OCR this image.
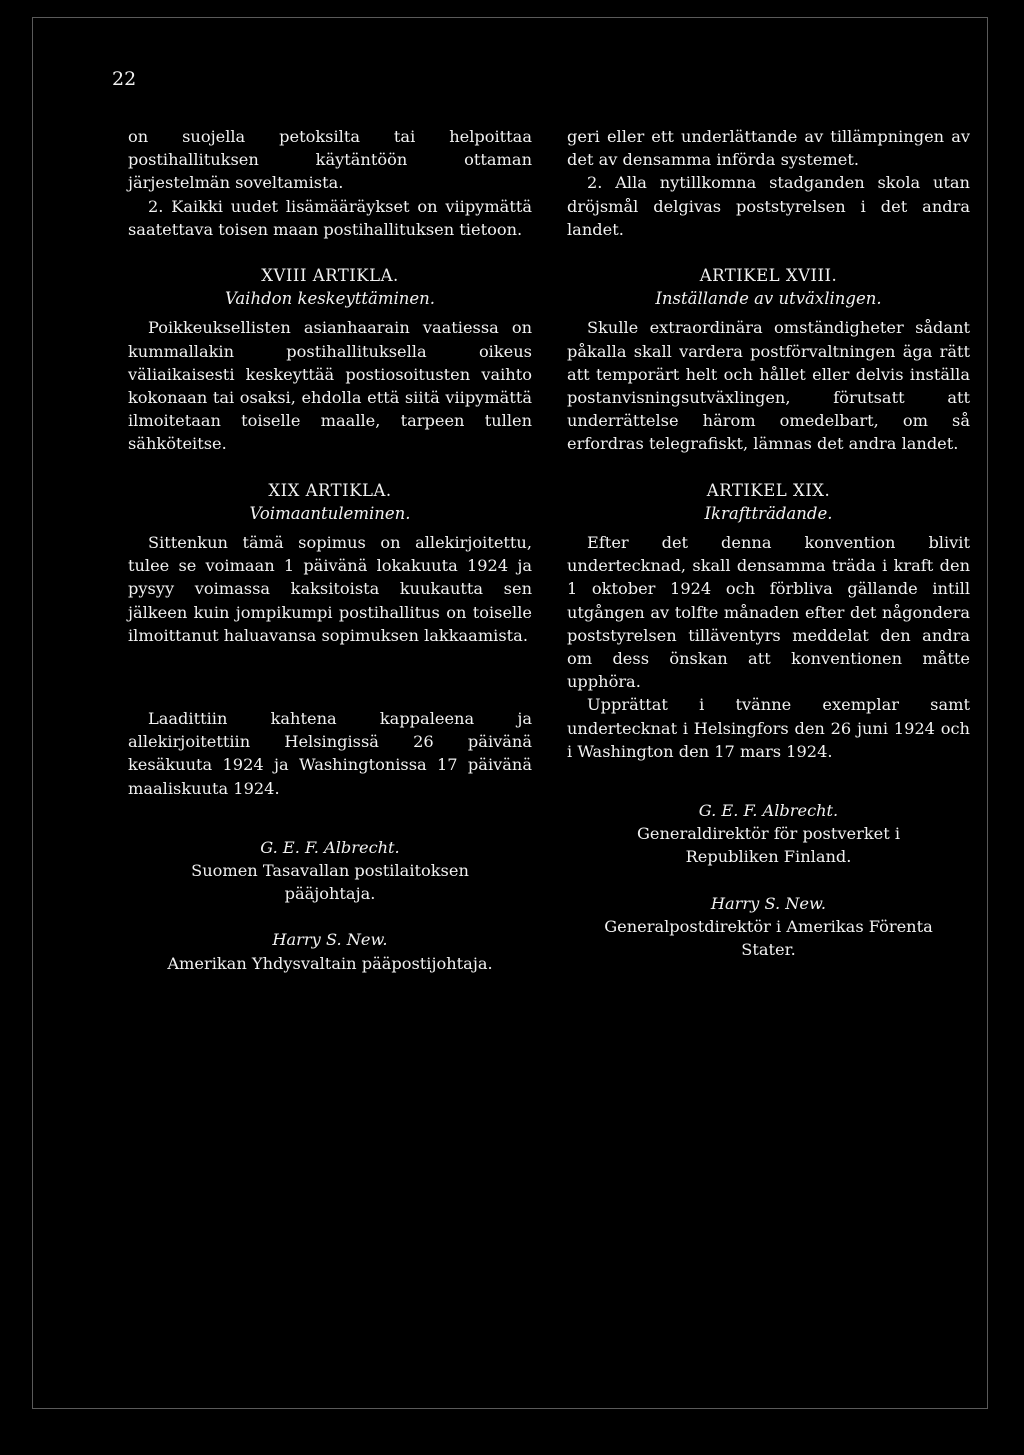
22

on suojella petoksilta tai helpoittaa postihallituksen käytäntöön ottaman järjestelmän soveltamista.

2. Kaikki uudet lisämääräykset on viipymättä saatettava toisen maan postihallituksen tietoon.

XVIII ARTIKLA.

Vaihdon keskeyttäminen.

Poikkeuksellisten asianhaarain vaatiessa on kummallakin postihallituksella oikeus väliaikaisesti keskeyttää postiosoitusten vaihto kokonaan tai osaksi, ehdolla että siitä viipymättä ilmoitetaan toiselle maalle, tarpeen tullen sähköteitse.

XIX ARTIKLA.

Voimaantuleminen.

Sittenkun tämä sopimus on allekirjoitettu, tulee se voimaan 1 päivänä lokakuuta 1924 ja pysyy voimassa kaksitoista kuukautta sen jälkeen kuin jompikumpi postihallitus on toiselle ilmoittanut haluavansa sopimuksen lakkaamista.

Laadittiin kahtena kappaleena ja allekirjoitettiin Helsingissä 26 päivänä kesäkuuta 1924 ja Washingtonissa 17 päivänä maaliskuuta 1924.

G. E. F. Albrecht.

Suomen Tasavallan postilaitoksen pääjohtaja.

Harry S. New.

Amerikan Yhdysvaltain pääpostijohtaja.

geri eller ett underlättande av tillämpningen av det av densamma införda systemet.

2. Alla nytillkomna stadganden skola utan dröjsmål delgivas poststyrelsen i det andra landet.

ARTIKEL XVIII.

Inställande av utväxlingen.

Skulle extraordinära omständigheter sådant påkalla skall vardera postförvaltningen äga rätt att temporärt helt och hållet eller delvis inställa postanvisningsutväxlingen, förutsatt att underrättelse härom omedelbart, om så erfordras telegrafiskt, lämnas det andra landet.

ARTIKEL XIX.

Ikraftträdande.

Efter det denna konvention blivit undertecknad, skall densamma träda i kraft den 1 oktober 1924 och förbliva gällande intill utgången av tolfte månaden efter det någondera poststyrelsen tilläventyrs meddelat den andra om dess önskan att konventionen måtte upphöra.

Upprättat i tvänne exemplar samt undertecknat i Helsingfors den 26 juni 1924 och i Washington den 17 mars 1924.

G. E. F. Albrecht.

Generaldirektör för postverket i Republiken Finland.

Harry S. New.

Generalpostdirektör i Amerikas Förenta Stater.
